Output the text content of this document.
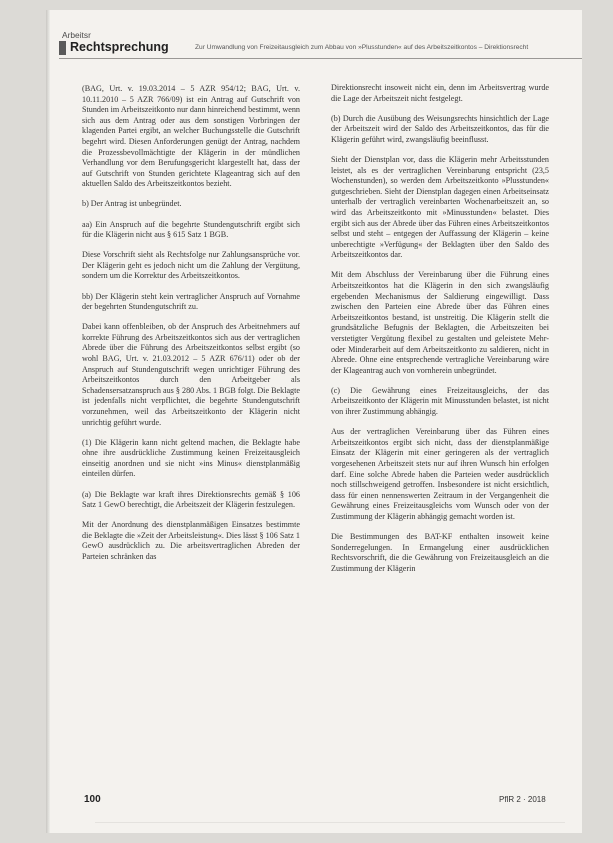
Arbeitsr
Rechtsprechung	Zur Umwandlung von Freizeitausgleich zum Abbau von »Plusstunden« auf des Arbeitszeitkontos – Direktionsrecht

(BAG, Urt. v. 19.03.2014 – 5 AZR 954/12; BAG, Urt. v. 10.11.2010 – 5 AZR 766/09) ist ein Antrag auf Gutschrift von Stunden im Arbeitszeitkonto nur dann hinreichend bestimmt, wenn sich aus dem Antrag oder aus dem sonstigen Vorbringen der klagenden Partei ergibt, an welcher Buchungsstelle die Gutschrift begehrt wird. Diesen Anforderungen genügt der Antrag, nachdem die Prozessbevollmächtigte der Klägerin in der mündlichen Verhandlung vor dem Berufungsgericht klargestellt hat, dass der auf Gutschrift von Stunden gerichtete Klageantrag sich auf den aktuellen Saldo des Arbeitszeitkontos bezieht.

b) Der Antrag ist unbegründet.

aa) Ein Anspruch auf die begehrte Stundengutschrift ergibt sich für die Klägerin nicht aus § 615 Satz 1 BGB.

Diese Vorschrift sieht als Rechtsfolge nur Zahlungsansprüche vor. Der Klägerin geht es jedoch nicht um die Zahlung der Vergütung, sondern um die Korrektur des Arbeitszeitkontos.

bb) Der Klägerin steht kein vertraglicher Anspruch auf Vornahme der begehrten Stundengutschrift zu.

Dabei kann offenbleiben, ob der Anspruch des Arbeitnehmers auf korrekte Führung des Arbeitszeitkontos sich aus der vertraglichen Abrede über die Führung des Arbeitszeitkontos selbst ergibt (so wohl BAG, Urt. v. 21.03.2012 – 5 AZR 676/11) oder ob der Anspruch auf Stundengutschrift wegen unrichtiger Führung des Arbeitszeitkontos durch den Arbeitgeber als Schadensersatzanspruch aus § 280 Abs. 1 BGB folgt. Die Beklagte ist jedenfalls nicht verpflichtet, die begehrte Stundengutschrift vorzunehmen, weil das Arbeitszeitkonto der Klägerin nicht unrichtig geführt wurde.

(1) Die Klägerin kann nicht geltend machen, die Beklagte habe ohne ihre ausdrückliche Zustimmung keinen Freizeitausgleich einseitig anordnen und sie nicht »ins Minus« dienstplanmäßig einteilen dürfen.

(a) Die Beklagte war kraft ihres Direktionsrechts gemäß § 106 Satz 1 GewO berechtigt, die Arbeitszeit der Klägerin festzulegen.

Mit der Anordnung des dienstplanmäßigen Einsatzes bestimmte die Beklagte die »Zeit der Arbeitsleistung«. Dies lässt § 106 Satz 1 GewO ausdrücklich zu. Die arbeitsvertraglichen Abreden der Parteien schränken das

Direktionsrecht insoweit nicht ein, denn im Arbeitsvertrag wurde die Lage der Arbeitszeit nicht festgelegt.

(b) Durch die Ausübung des Weisungsrechts hinsichtlich der Lage der Arbeitszeit wird der Saldo des Arbeitszeitkontos, das für die Klägerin geführt wird, zwangsläufig beeinflusst.

Sieht der Dienstplan vor, dass die Klägerin mehr Arbeitsstunden leistet, als es der vertraglichen Vereinbarung entspricht (23,5 Wochenstunden), so werden dem Arbeitszeitkonto »Plusstunden« gutgeschrieben. Sieht der Dienstplan dagegen einen Arbeitseinsatz unterhalb der vertraglich vereinbarten Wochenarbeitszeit an, so wird das Arbeitszeitkonto mit »Minusstunden« belastet. Dies ergibt sich aus der Abrede über das Führen eines Arbeitszeitkontos selbst und steht – entgegen der Auffassung der Klägerin – keine unberechtigte »Verfügung« der Beklagten über den Saldo des Arbeitszeitkontos dar.

Mit dem Abschluss der Vereinbarung über die Führung eines Arbeitszeitkontos hat die Klägerin in den sich zwangsläufig ergebenden Mechanismus der Saldierung eingewilligt. Dass zwischen den Parteien eine Abrede über das Führen eines Arbeitszeitkontos bestand, ist unstreitig. Die Klägerin stellt die grundsätzliche Befugnis der Beklagten, die Arbeitszeiten bei verstetigter Vergütung flexibel zu gestalten und geleistete Mehr- oder Minderarbeit auf dem Arbeitszeitkonto zu saldieren, nicht in Abrede. Ohne eine entsprechende vertragliche Vereinbarung wäre der Klageantrag auch von vornherein unbegründet.

(c) Die Gewährung eines Freizeitausgleichs, der das Arbeitszeitkonto der Klägerin mit Minusstunden belastet, ist nicht von ihrer Zustimmung abhängig.

Aus der vertraglichen Vereinbarung über das Führen eines Arbeitszeitkontos ergibt sich nicht, dass der dienstplanmäßige Einsatz der Klägerin mit einer geringeren als der vertraglich vorgesehenen Arbeitszeit stets nur auf ihren Wunsch hin erfolgen darf. Eine solche Abrede haben die Parteien weder ausdrücklich noch stillschweigend getroffen. Insbesondere ist nicht ersichtlich, dass für einen nennenswerten Zeitraum in der Vergangenheit die Gewährung eines Freizeitausgleichs vom Wunsch oder von der Zustimmung der Klägerin abhängig gemacht worden ist.

Die Bestimmungen des BAT-KF enthalten insoweit keine Sonderregelungen. In Ermangelung einer ausdrücklichen Rechtsvorschrift, die die Gewährung von Freizeitausgleich an die Zustimmung der Klägerin

100	PflR 2 · 2018
